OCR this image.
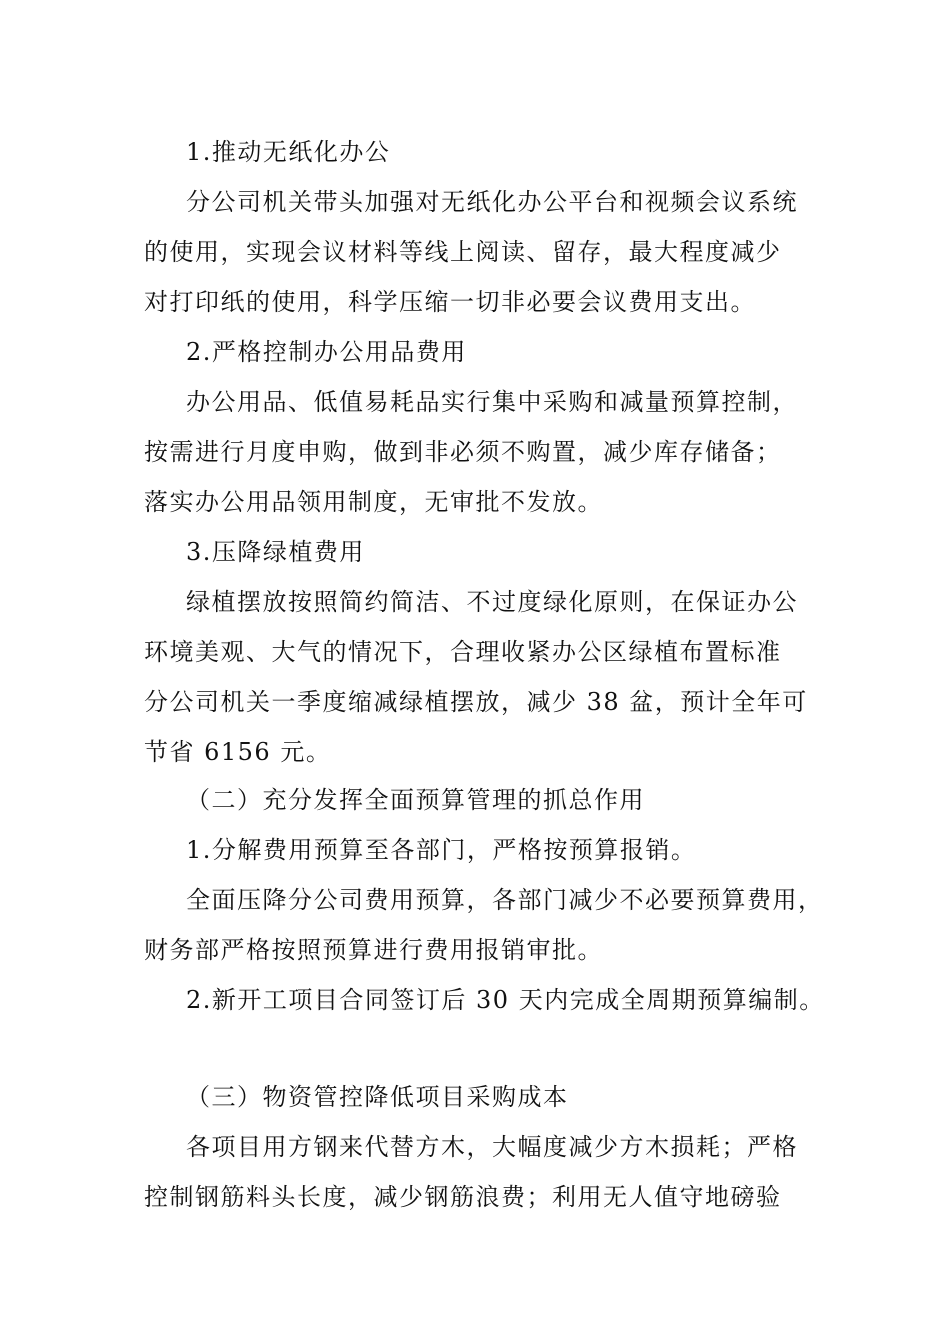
1.推动无纸化办公
分公司机关带头加强对无纸化办公平台和视频会议系统
的使用，实现会议材料等线上阅读、留存，最大程度减少
对打印纸的使用，科学压缩一切非必要会议费用支出。
2.严格控制办公用品费用
办公用品、低值易耗品实行集中采购和减量预算控制，
按需进行月度申购，做到非必须不购置，减少库存储备；
落实办公用品领用制度，无审批不发放。
3.压降绿植费用
绿植摆放按照简约简洁、不过度绿化原则，在保证办公
环境美观、大气的情况下，合理收紧办公区绿植布置标准
分公司机关一季度缩减绿植摆放，减少 38 盆，预计全年可
节省 6156 元。
（二）充分发挥全面预算管理的抓总作用
1.分解费用预算至各部门，严格按预算报销。
全面压降分公司费用预算，各部门减少不必要预算费用，
财务部严格按照预算进行费用报销审批。
2.新开工项目合同签订后 30 天内完成全周期预算编制。
（三）物资管控降低项目采购成本
各项目用方钢来代替方木，大幅度减少方木损耗；严格
控制钢筋料头长度，减少钢筋浪费；利用无人值守地磅验
